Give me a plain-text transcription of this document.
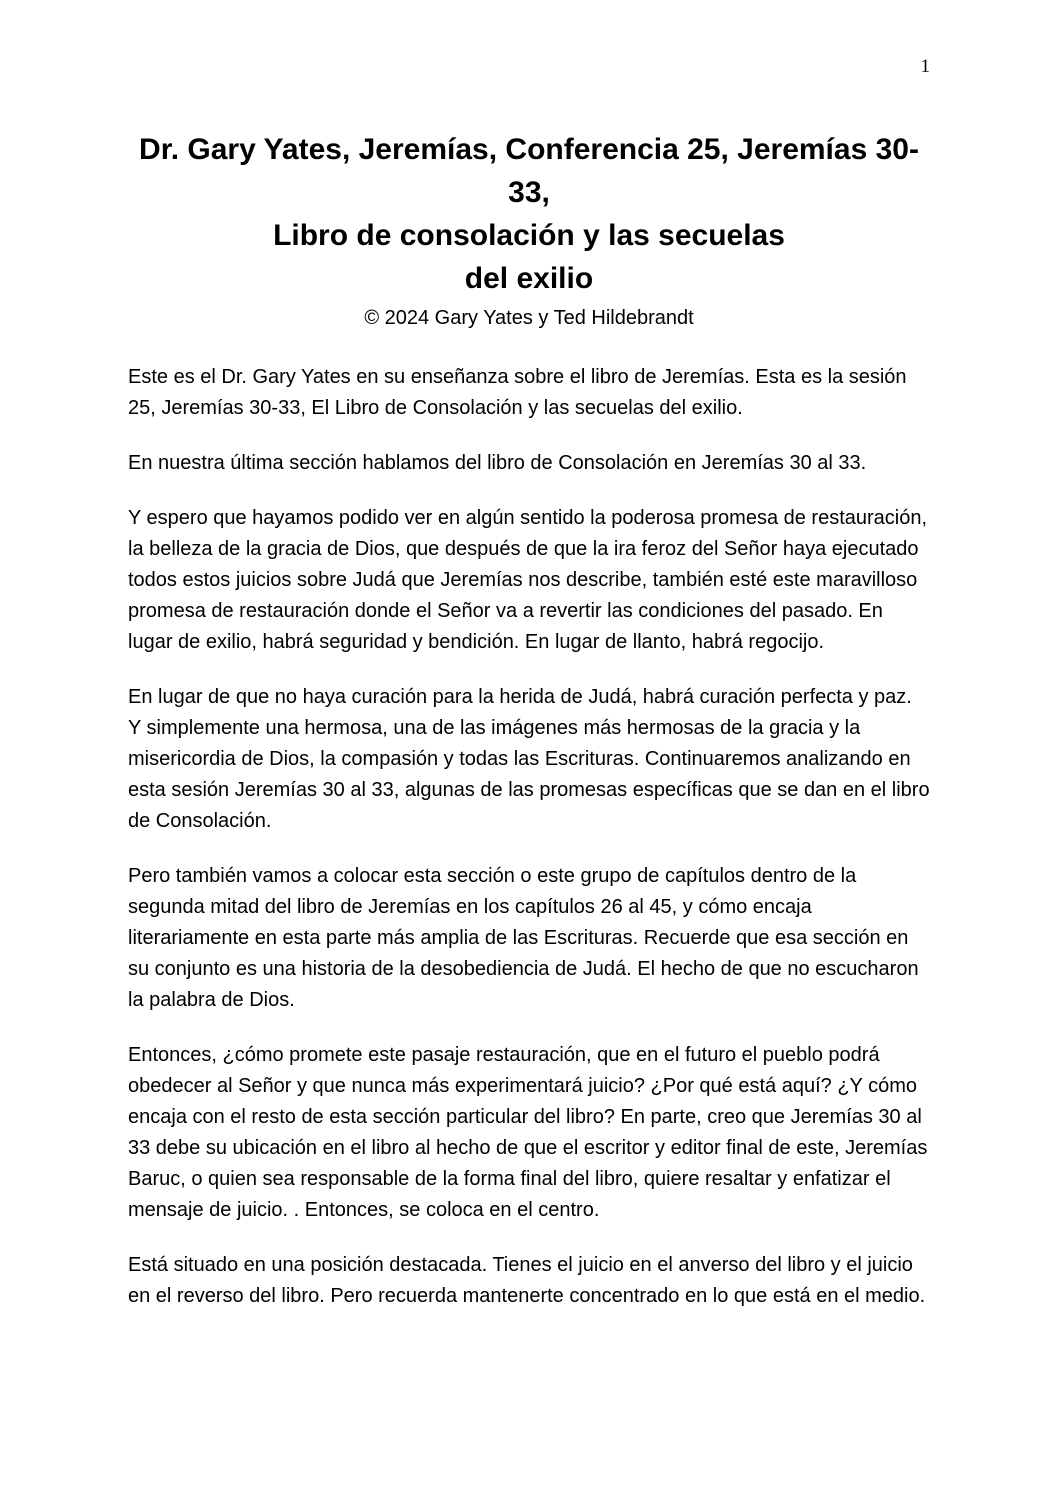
1
Dr. Gary Yates, Jeremías, Conferencia 25, Jeremías 30-
33,
Libro de consolación y las secuelas
del exilio
© 2024 Gary Yates y Ted Hildebrandt

Este es el Dr. Gary Yates en su enseñanza sobre el libro de Jeremías. Esta es la sesión 25, Jeremías 30-33, El Libro de Consolación y las secuelas del exilio.

En nuestra última sección hablamos del libro de Consolación en Jeremías 30 al 33.

Y espero que hayamos podido ver en algún sentido la poderosa promesa de restauración, la belleza de la gracia de Dios, que después de que la ira feroz del Señor haya ejecutado todos estos juicios sobre Judá que Jeremías nos describe, también esté este maravilloso promesa de restauración donde el Señor va a revertir las condiciones del pasado. En lugar de exilio, habrá seguridad y bendición. En lugar de llanto, habrá regocijo.

En lugar de que no haya curación para la herida de Judá, habrá curación perfecta y paz. Y simplemente una hermosa, una de las imágenes más hermosas de la gracia y la misericordia de Dios, la compasión y todas las Escrituras. Continuaremos analizando en esta sesión Jeremías 30 al 33, algunas de las promesas específicas que se dan en el libro de Consolación.

Pero también vamos a colocar esta sección o este grupo de capítulos dentro de la segunda mitad del libro de Jeremías en los capítulos 26 al 45, y cómo encaja literariamente en esta parte más amplia de las Escrituras. Recuerde que esa sección en su conjunto es una historia de la desobediencia de Judá. El hecho de que no escucharon la palabra de Dios.

Entonces, ¿cómo promete este pasaje restauración, que en el futuro el pueblo podrá obedecer al Señor y que nunca más experimentará juicio? ¿Por qué está aquí? ¿Y cómo encaja con el resto de esta sección particular del libro? En parte, creo que Jeremías 30 al 33 debe su ubicación en el libro al hecho de que el escritor y editor final de este, Jeremías Baruc, o quien sea responsable de la forma final del libro, quiere resaltar y enfatizar el mensaje de juicio. . Entonces, se coloca en el centro.

Está situado en una posición destacada. Tienes el juicio en el anverso del libro y el juicio en el reverso del libro. Pero recuerda mantenerte concentrado en lo que está en el medio.
